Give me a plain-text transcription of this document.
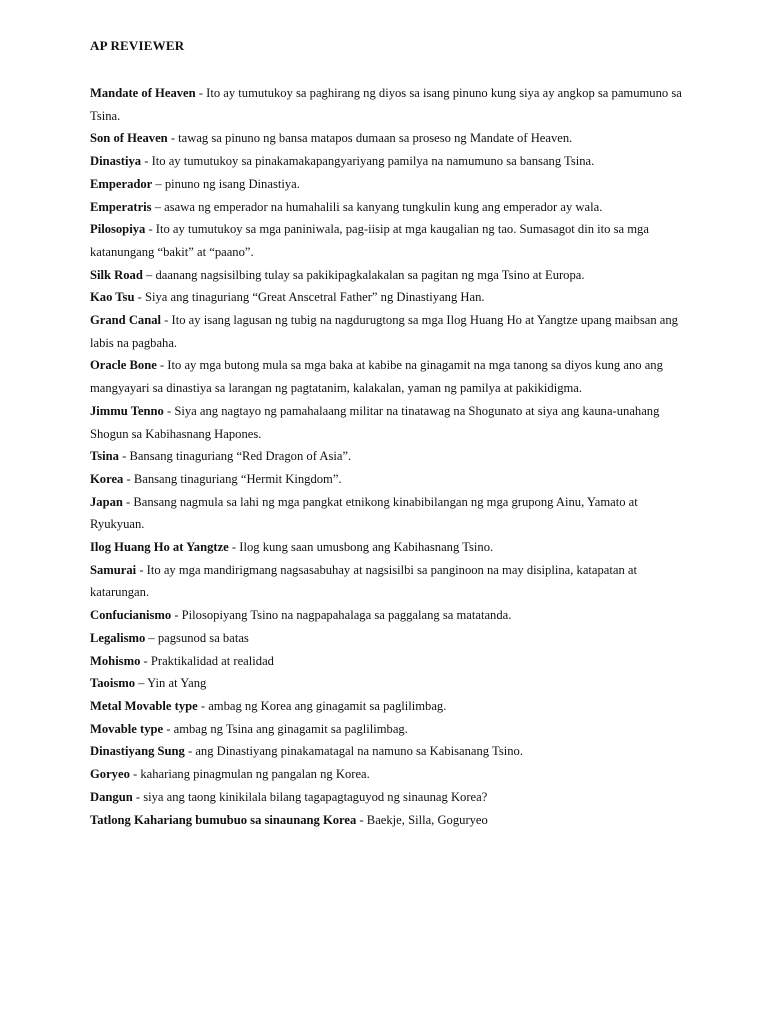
AP REVIEWER
Mandate of Heaven - Ito ay tumutukoy sa paghirang ng diyos sa isang pinuno kung siya ay angkop sa pamumuno sa Tsina.
Son of Heaven - tawag sa pinuno ng bansa matapos dumaan sa proseso ng Mandate of Heaven.
Dinastiya - Ito ay tumutukoy sa pinakamakapangyariyang pamilya na namumuno sa bansang Tsina.
Emperador – pinuno ng isang Dinastiya.
Emperatris – asawa ng emperador na humahalili sa kanyang tungkulin kung ang emperador ay wala.
Pilosopiya - Ito ay tumutukoy sa mga paniniwala, pag-iisip at mga kaugalian ng tao. Sumasagot din ito sa mga katanungang “bakit” at “paano”.
Silk Road – daanang nagsisilbing tulay sa pakikipagkalakalan sa pagitan ng mga Tsino at Europa.
Kao Tsu - Siya ang tinaguriang “Great Anscetral Father” ng Dinastiyang Han.
Grand Canal - Ito ay isang lagusan ng tubig na nagdurugtong sa mga Ilog Huang Ho at Yangtze upang maibsan ang labis na pagbaha.
Oracle Bone - Ito ay mga butong mula sa mga baka at kabibe na ginagamit na mga tanong sa diyos kung ano ang mangyayari sa dinastiya sa larangan ng pagtatanim, kalakalan, yaman ng pamilya at pakikidigma.
Jimmu Tenno - Siya ang nagtayo ng pamahalaang militar na tinatawag na Shogunato at siya ang kauna-unahang Shogun sa Kabihasnang Hapones.
Tsina - Bansang tinaguriang “Red Dragon of Asia”.
Korea - Bansang tinaguriang “Hermit Kingdom”.
Japan - Bansang nagmula sa lahi ng mga pangkat etnikong kinabibilangan ng mga grupong Ainu, Yamato at Ryukyuan.
Ilog Huang Ho at Yangtze - Ilog kung saan umusbong ang Kabihasnang Tsino.
Samurai - Ito ay mga mandirigmang nagsasabuhay at nagsisilbi sa panginoon na may disiplina, katapatan at katarungan.
Confucianismo - Pilosopiyang Tsino na nagpapahalaga sa paggalang sa matatanda.
Legalismo – pagsunod sa batas
Mohismo - Praktikalidad at realidad
Taoismo – Yin at Yang
Metal Movable type - ambag ng Korea ang ginagamit sa paglilimbag.
Movable type - ambag ng Tsina ang ginagamit sa paglilimbag.
Dinastiyang Sung - ang Dinastiyang pinakamatagal na namuno sa Kabisanang Tsino.
Goryeo - kahariang pinagmulan ng pangalan ng Korea.
Dangun - siya ang taong kinikilala bilang tagapagtaguyod ng sinaunag Korea?
Tatlong Kahariang bumubuo sa sinaunang Korea - Baekje, Silla, Goguryeo
